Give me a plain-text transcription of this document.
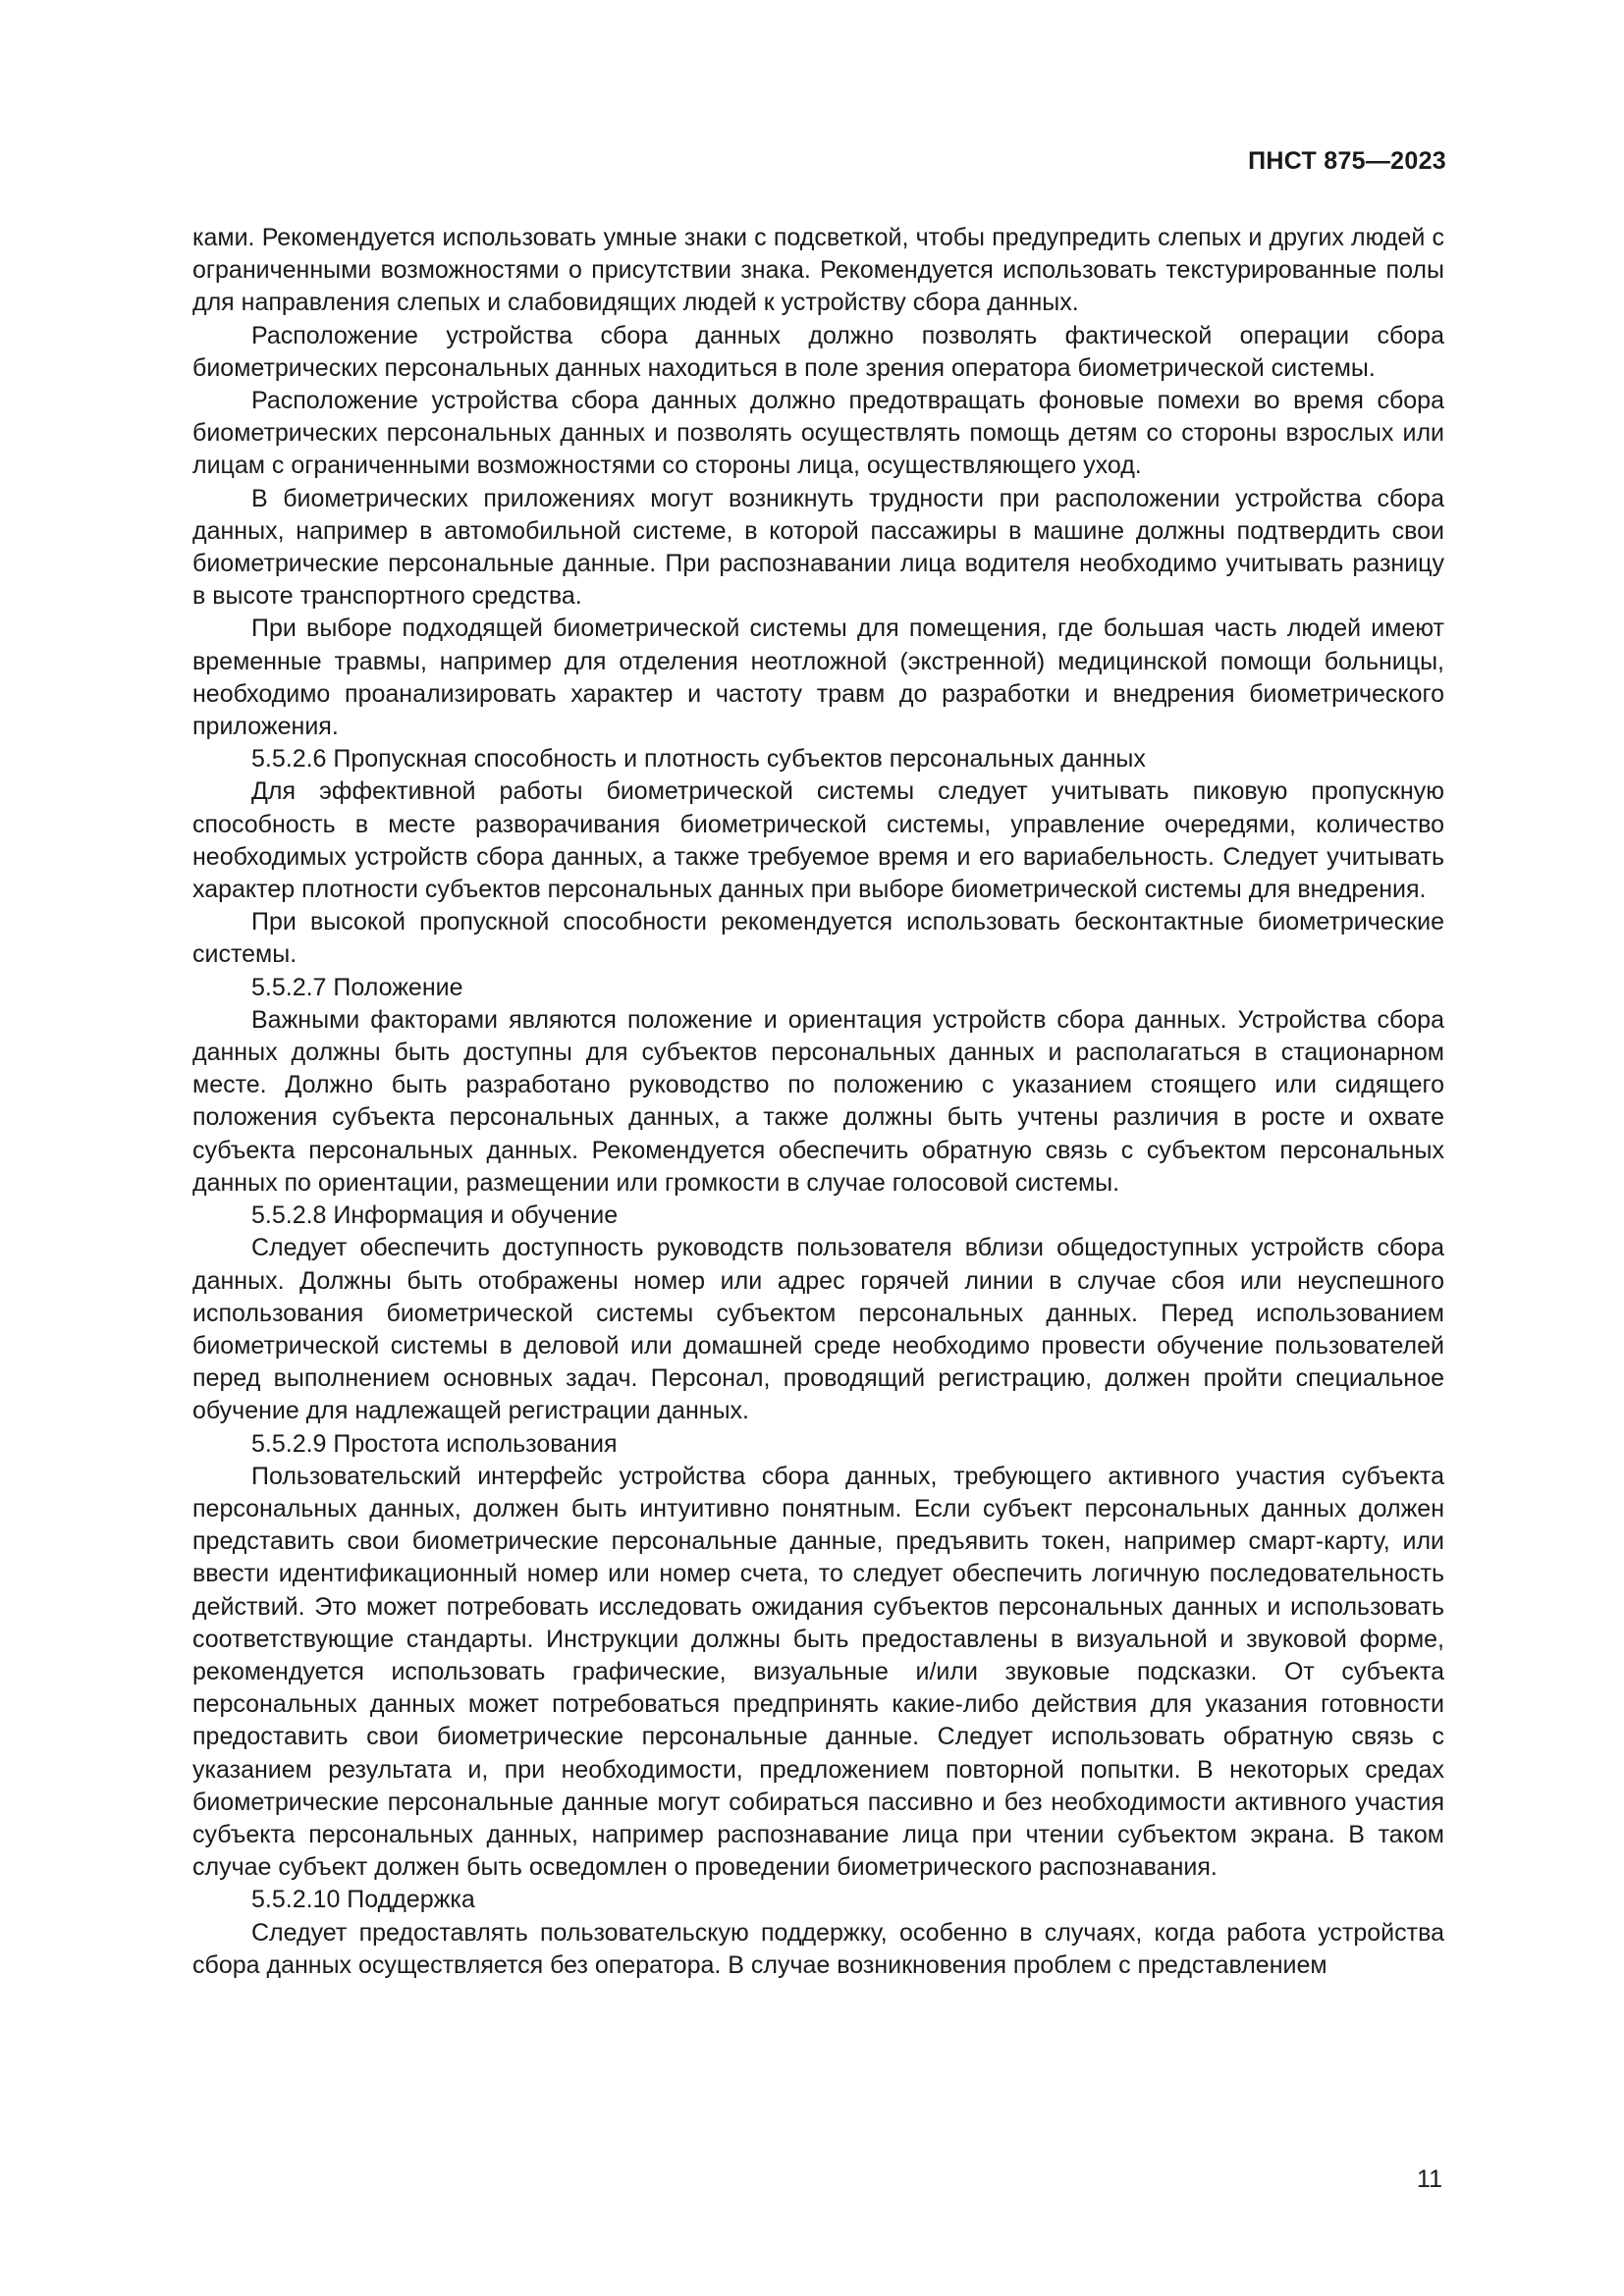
ПНСТ 875—2023

ками. Рекомендуется использовать умные знаки с подсветкой, чтобы предупредить слепых и других людей с ограниченными возможностями о присутствии знака. Рекомендуется использовать текстурированные полы для направления слепых и слабовидящих людей к устройству сбора данных.

Расположение устройства сбора данных должно позволять фактической операции сбора биометрических персональных данных находиться в поле зрения оператора биометрической системы.

Расположение устройства сбора данных должно предотвращать фоновые помехи во время сбора биометрических персональных данных и позволять осуществлять помощь детям со стороны взрослых или лицам с ограниченными возможностями со стороны лица, осуществляющего уход.

В биометрических приложениях могут возникнуть трудности при расположении устройства сбора данных, например в автомобильной системе, в которой пассажиры в машине должны подтвердить свои биометрические персональные данные. При распознавании лица водителя необходимо учитывать разницу в высоте транспортного средства.

При выборе подходящей биометрической системы для помещения, где большая часть людей имеют временные травмы, например для отделения неотложной (экстренной) медицинской помощи больницы, необходимо проанализировать характер и частоту травм до разработки и внедрения биометрического приложения.

5.5.2.6 Пропускная способность и плотность субъектов персональных данных

Для эффективной работы биометрической системы следует учитывать пиковую пропускную способность в месте разворачивания биометрической системы, управление очередями, количество необходимых устройств сбора данных, а также требуемое время и его вариабельность. Следует учитывать характер плотности субъектов персональных данных при выборе биометрической системы для внедрения.

При высокой пропускной способности рекомендуется использовать бесконтактные биометрические системы.

5.5.2.7 Положение

Важными факторами являются положение и ориентация устройств сбора данных. Устройства сбора данных должны быть доступны для субъектов персональных данных и располагаться в стационарном месте. Должно быть разработано руководство по положению с указанием стоящего или сидящего положения субъекта персональных данных, а также должны быть учтены различия в росте и охвате субъекта персональных данных. Рекомендуется обеспечить обратную связь с субъектом персональных данных по ориентации, размещении или громкости в случае голосовой системы.

5.5.2.8 Информация и обучение

Следует обеспечить доступность руководств пользователя вблизи общедоступных устройств сбора данных. Должны быть отображены номер или адрес горячей линии в случае сбоя или неуспешного использования биометрической системы субъектом персональных данных. Перед использованием биометрической системы в деловой или домашней среде необходимо провести обучение пользователей перед выполнением основных задач. Персонал, проводящий регистрацию, должен пройти специальное обучение для надлежащей регистрации данных.

5.5.2.9 Простота использования

Пользовательский интерфейс устройства сбора данных, требующего активного участия субъекта персональных данных, должен быть интуитивно понятным. Если субъект персональных данных должен представить свои биометрические персональные данные, предъявить токен, например смарт-карту, или ввести идентификационный номер или номер счета, то следует обеспечить логичную последовательность действий. Это может потребовать исследовать ожидания субъектов персональных данных и использовать соответствующие стандарты. Инструкции должны быть предоставлены в визуальной и звуковой форме, рекомендуется использовать графические, визуальные и/или звуковые подсказки. От субъекта персональных данных может потребоваться предпринять какие-либо действия для указания готовности предоставить свои биометрические персональные данные. Следует использовать обратную связь с указанием результата и, при необходимости, предложением повторной попытки. В некоторых средах биометрические персональные данные могут собираться пассивно и без необходимости активного участия субъекта персональных данных, например распознавание лица при чтении субъектом экрана. В таком случае субъект должен быть осведомлен о проведении биометрического распознавания.

5.5.2.10 Поддержка

Следует предоставлять пользовательскую поддержку, особенно в случаях, когда работа устройства сбора данных осуществляется без оператора. В случае возникновения проблем с представлением

11
